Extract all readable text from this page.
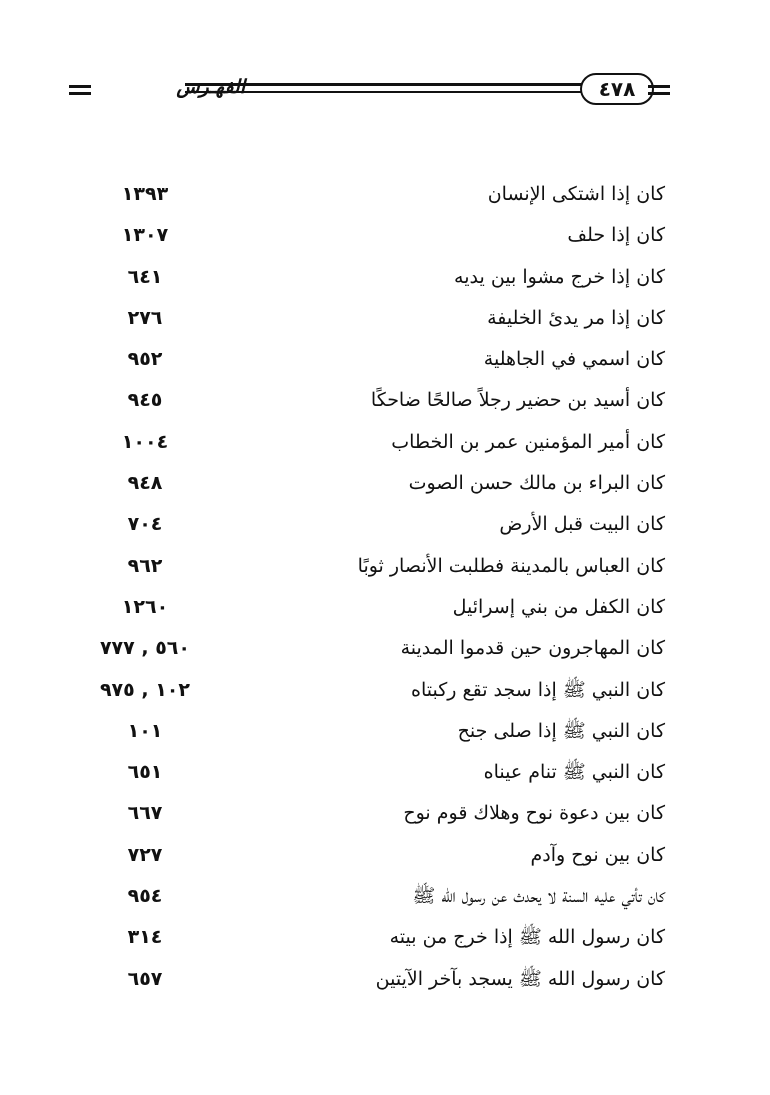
الفهـرس	٤٧٨
كان إذا اشتكى الإنسان
١٣٩٣
كان إذا حلف
١٣٠٧
كان إذا خرج مشوا بين يديه
٦٤١
كان إذا مر يدئ الخليفة
٢٧٦
كان اسمي في الجاهلية
٩٥٢
كان أسيد بن حضير رجلاً صالحًا ضاحكًا
٩٤٥
كان أمير المؤمنين عمر بن الخطاب
١٠٠٤
كان البراء بن مالك حسن الصوت
٩٤٨
كان البيت قبل الأرض
٧٠٤
كان العباس بالمدينة فطلبت الأنصار ثوبًا
٩٦٢
كان الكفل من بني إسرائيل
١٢٦٠
كان المهاجرون حين قدموا المدينة
٥٦٠ , ٧٧٧
كان النبي ﷺ إذا سجد تقع ركبتاه
١٠٢ , ٩٧٥
كان النبي ﷺ إذا صلى جنح
١٠١
كان النبي ﷺ تنام عيناه
٦٥١
كان بين دعوة نوح وهلاك قوم نوح
٦٦٧
كان بين نوح وآدم
٧٢٧
كان تأتي عليه السنة لا يحدث عن رسول الله ﷺ
٩٥٤
كان رسول الله ﷺ إذا خرج من بيته
٣١٤
كان رسول الله ﷺ يسجد بآخر الآيتين
٦٥٧
